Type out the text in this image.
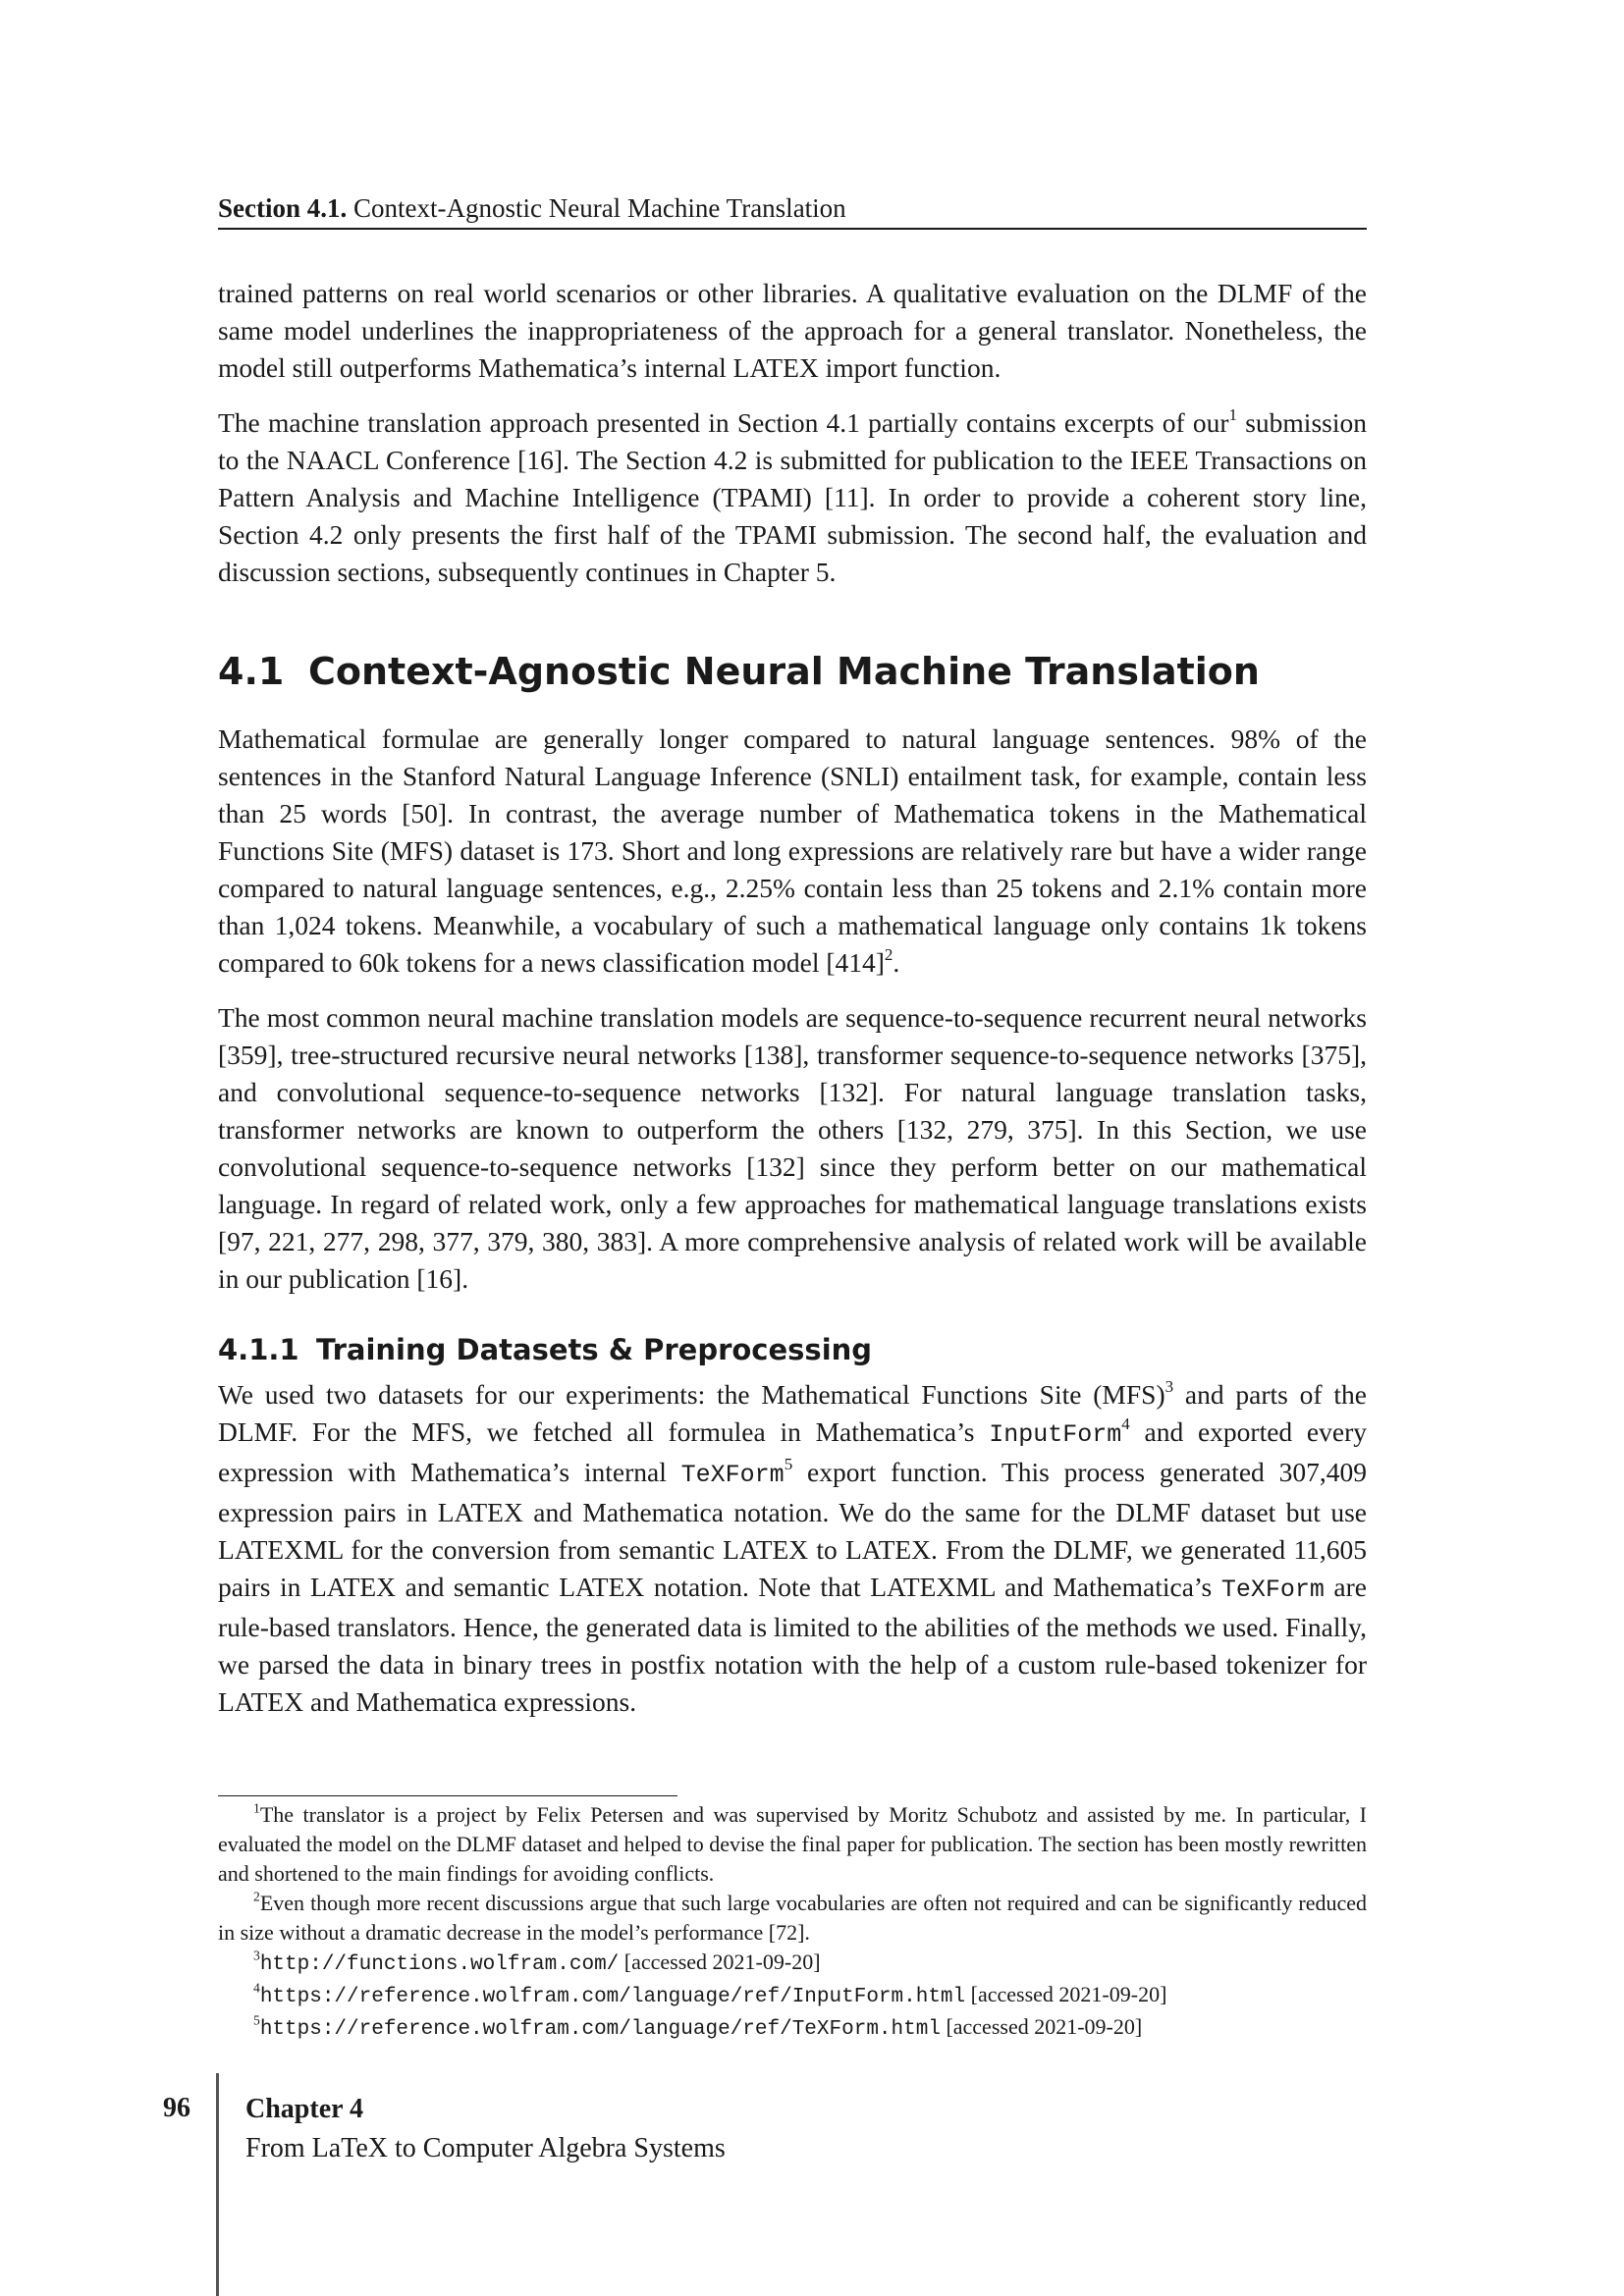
Section 4.1. Context-Agnostic Neural Machine Translation

trained patterns on real world scenarios or other libraries. A qualitative evaluation on the DLMF of the same model underlines the inappropriateness of the approach for a general translator. Nonetheless, the model still outperforms Mathematica’s internal LATEX import function.

The machine translation approach presented in Section 4.1 partially contains excerpts of our$^1$ submission to the NAACL Conference [16]. The Section 4.2 is submitted for publication to the IEEE Transactions on Pattern Analysis and Machine Intelligence (TPAMI) [11]. In order to provide a coherent story line, Section 4.2 only presents the first half of the TPAMI submission. The second half, the evaluation and discussion sections, subsequently continues in Chapter 5.

4.1 Context-Agnostic Neural Machine Translation

Mathematical formulae are generally longer compared to natural language sentences. 98% of the sentences in the Stanford Natural Language Inference (SNLI) entailment task, for example, contain less than 25 words [50]. In contrast, the average number of Mathematica tokens in the Mathematical Functions Site (MFS) dataset is 173. Short and long expressions are relatively rare but have a wider range compared to natural language sentences, e.g., 2.25% contain less than 25 tokens and 2.1% contain more than 1,024 tokens. Meanwhile, a vocabulary of such a mathematical language only contains 1k tokens compared to 60k tokens for a news classification model $[414]^2$.

The most common neural machine translation models are sequence-to-sequence recurrent neural networks [359], tree-structured recursive neural networks [138], transformer sequence-to-sequence networks [375], and convolutional sequence-to-sequence networks [132]. For natural language translation tasks, transformer networks are known to outperform the others [132, 279, 375]. In this Section, we use convolutional sequence-to-sequence networks [132] since they perform better on our mathematical language. In regard of related work, only a few approaches for mathematical language translations exists [97, 221, 277, 298, 377, 379, 380, 383]. A more comprehensive analysis of related work will be available in our publication [16].

4.1.1 Training Datasets & Preprocessing

We used two datasets for our experiments: the Mathematical Functions Site (MFS)$^3$ and parts of the DLMF. For the MFS, we fetched all formulea in Mathematica’s InputForm$^4$ and exported every expression with Mathematica’s internal TeXForm$^5$ export function. This process generated 307,409 expression pairs in LATEX and Mathematica notation. We do the same for the DLMF dataset but use LATEXML for the conversion from semantic LATEX to LATEX. From the DLMF, we generated 11,605 pairs in LATEX and semantic LATEX notation. Note that LATEXML and Mathematica’s TeXForm are rule-based translators. Hence, the generated data is limited to the abilities of the methods we used. Finally, we parsed the data in binary trees in postfix notation with the help of a custom rule-based tokenizer for LATEX and Mathematica expressions.

$^1$The translator is a project by Felix Petersen and was supervised by Moritz Schubotz and assisted by me. In particular, I evaluated the model on the DLMF dataset and helped to devise the final paper for publication. The section has been mostly rewritten and shortened to the main findings for avoiding conflicts.

$^2$Even though more recent discussions argue that such large vocabularies are often not required and can be significantly reduced in size without a dramatic decrease in the model’s performance [72].

$^3$http://functions.wolfram.com/ [accessed 2021-09-20]

$^4$https://reference.wolfram.com/language/ref/InputForm.html [accessed 2021-09-20]

$^5$https://reference.wolfram.com/language/ref/TeXForm.html [accessed 2021-09-20]

96 Chapter 4
From LaTeX to Computer Algebra Systems
